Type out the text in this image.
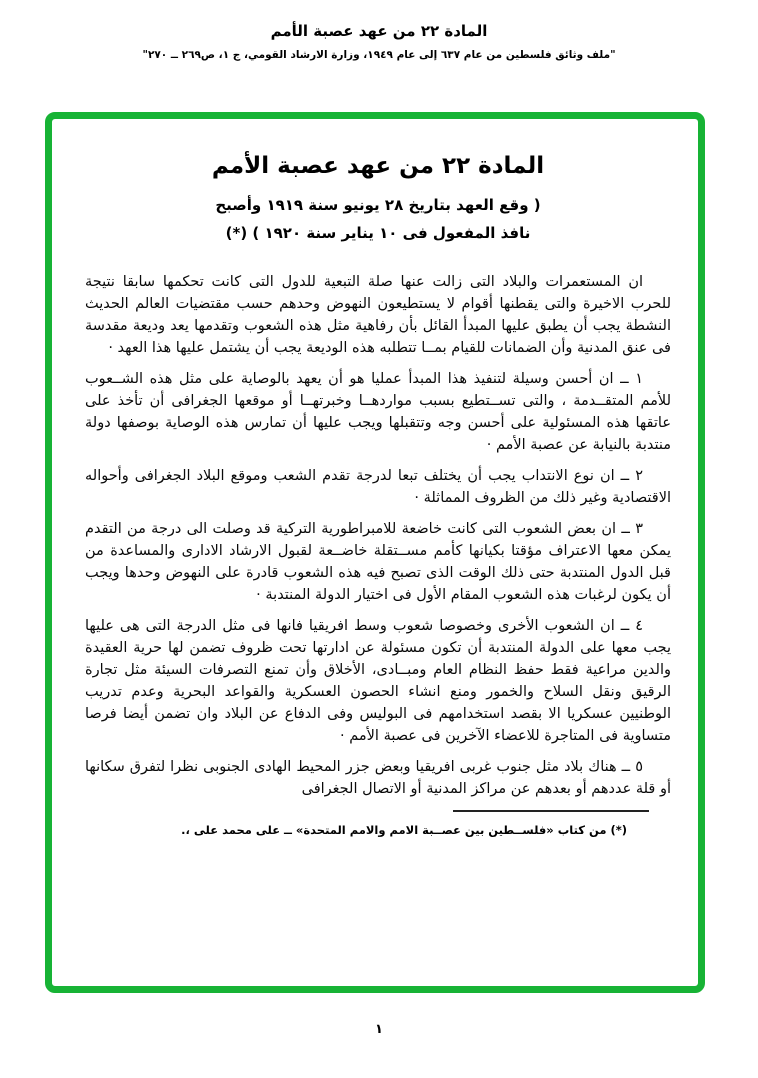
المادة ٢٢ من عهد عصبة الأمم
"ملف وثائق فلسطين من عام ٦٣٧ إلى عام ١٩٤٩، وزارة الارشاد القومي، ج ١، ص٢٦٩ ــ ٢٧٠"
المادة ٢٢ من عهد عصبة الأمم
( وقع العهد بتاريخ ٢٨ يونيو سنة ١٩١٩ وأصبح
نافذ المفعول فى ١٠ يناير سنة ١٩٢٠ ) (*)

ان المستعمرات والبلاد التى زالت عنها صلة التبعية للدول التى كانت تحكمها سابقا نتيجة للحرب الاخيرة والتى يقطنها أقوام لا يستطيعون النهوض وحدهم حسب مقتضيات العالم الحديث النشطة يجب أن يطبق عليها المبدأ القائل بأن رفاهية مثل هذه الشعوب وتقدمها يعد وديعة مقدسة فى عنق المدنية وأن الضمانات للقيام بمــا تتطلبه هذه الوديعة يجب أن يشتمل عليها هذا العهد ·

١ ــ ان أحسن وسيلة لتنفيذ هذا المبدأ عمليا هو أن يعهد بالوصاية على مثل هذه الشــعوب للأمم المتقــدمة ، والتى تســتطيع بسبب مواردهــا وخبرتهــا أو موقعها الجغرافى أن تأخذ على عاتقها هذه المسئولية على أحسن وجه وتتقبلها ويجب عليها أن تمارس هذه الوصاية بوصفها دولة منتدبة بالنيابة عن عصبة الأمم ·

٢ ــ ان نوع الانتداب يجب أن يختلف تبعا لدرجة تقدم الشعب وموقع البلاد الجغرافى وأحواله الاقتصادية وغير ذلك من الظروف المماثلة ·

٣ ــ ان بعض الشعوب التى كانت خاضعة للامبراطورية التركية قد وصلت الى درجة من التقدم يمكن معها الاعتراف مؤقتا بكيانها كأمم مســتقلة خاضــعة لقبول الارشاد الادارى والمساعدة من قبل الدول المنتدبة حتى ذلك الوقت الذى تصبح فيه هذه الشعوب قادرة على النهوض وحدها ويجب أن يكون لرغبات هذه الشعوب المقام الأول فى اختيار الدولة المنتدبة ·

٤ ــ ان الشعوب الأخرى وخصوصا شعوب وسط افريقيا فانها فى مثل الدرجة التى هى عليها يجب معها على الدولة المنتدبة أن تكون مسئولة عن ادارتها تحت ظروف تضمن لها حرية العقيدة والدين مراعية فقط حفظ النظام العام ومبــادى، الأخلاق وأن تمنع التصرفات السيئة مثل تجارة الرقيق ونقل السلاح والخمور ومنع انشاء الحصون العسكرية والقواعد البحرية وعدم تدريب الوطنيين عسكريا الا بقصد استخدامهم فى البوليس وفى الدفاع عن البلاد وان تضمن أيضا فرصا متساوية فى المتاجرة للاعضاء الآخرين فى عصبة الأمم ·

٥ ــ هناك بلاد مثل جنوب غربى افريقيا وبعض جزر المحيط الهادى الجنوبى نظرا لتفرق سكانها أو قلة عددهم أو بعدهم عن مراكز المدنية أو الاتصال الجغرافى

(*) من كتاب «فلســطين بين عصــبة الامم والامم المتحدة» ــ على محمد على ،.
١
